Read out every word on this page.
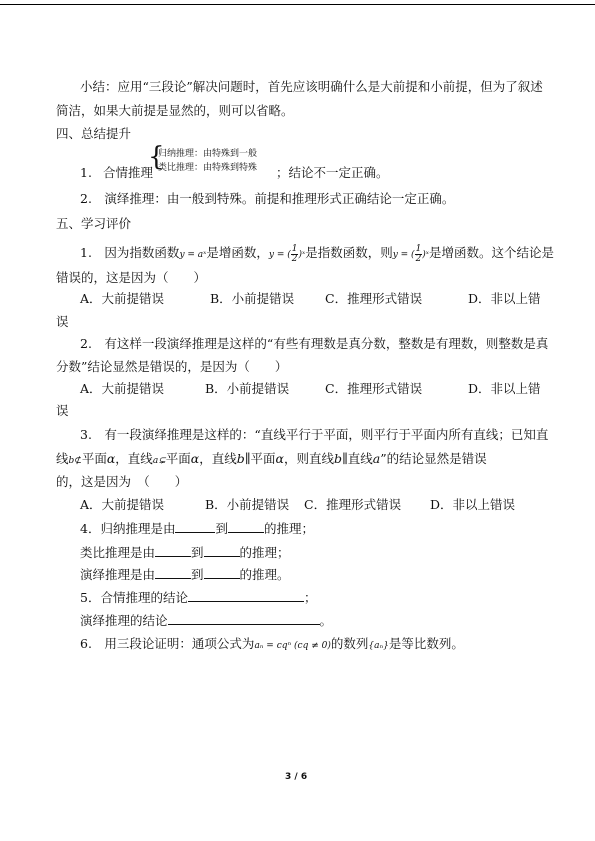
小结：应用“三段论”解决问题时，首先应该明确什么是大前提和小前提，但为了叙述
简洁，如果大前提是显然的，则可以省略。
四、总结提升
1. 合情推理
{
归纳推理：由特殊到一般
类比推理：由特殊到特殊 ；结论不一定正确。
2.　演绎推理：由一般到特殊。前提和推理形式正确结论一定正确。
五、学习评价
1.　因为指数函数y = aˣ是增函数，y = ( $\frac{1}{2}$ )ˣ是指数函数，则y = ( $\frac{1}{2}$ )ˣ是增函数。这个结论是
错误的，这是因为（　　）
A．大前提错误	B．小前提错误 C．推理形式错误	D．非以上错
误
2.　有这样一段演绎推理是这样的“有些有理数是真分数，整数是有理数，则整数是真
分数”结论显然是错误的，是因为（　　）
A．大前提错误	B．小前提错误	C．推理形式错误	D．非以上错
误
3.　有一段演绎推理是这样的：“直线平行于平面，则平行于平面内所有直线；已知直
线b⊄平面α，直线a⊊平面α，直线b∥平面α，则直线b∥直线a”的结论显然是错误
的，这是因为　（　　）
A．大前提错误	B．小前提错误 C．推理形式错误 D．非以上错误
4．归纳推理是由	到	的推理；
类比推理是由	到	的推理；
演绎推理是由	到	的推理。
5．合情推理的结论	；
演绎推理的结论	。
6.　用三段论证明：通项公式为aₙ = cqⁿ (cq ≠ 0)的数列{aₙ}是等比数列。
3 / 6
